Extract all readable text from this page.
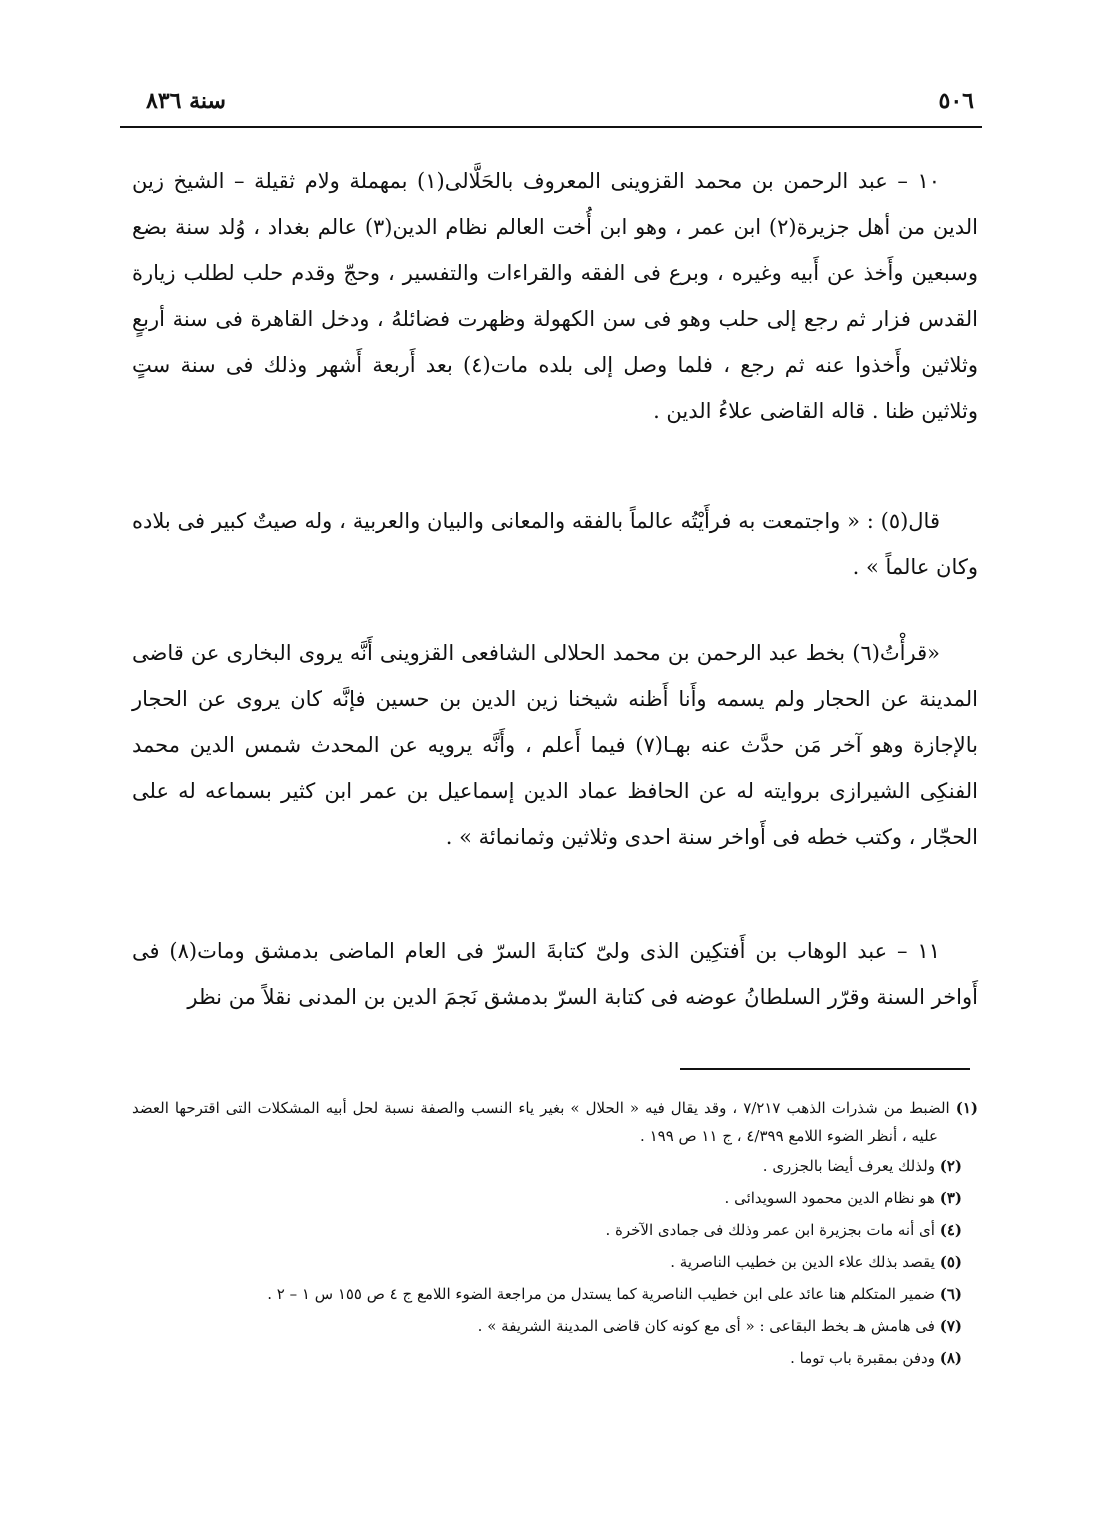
سنة ٨٣٦	٥٠٦

١٠ – عبد الرحمن بن محمد القزوينى المعروف بالحَلَّالى(١) بمهملة ولام ثقيلة – الشيخ زين الدين من أهل جزيرة(٢) ابن عمر ، وهو ابن أُخت العالم نظام الدين(٣) عالم بغداد ، وُلد سنة بضع وسبعين وأَخذ عن أَبيه وغيره ، وبرع فى الفقه والقراءات والتفسير ، وحجّ وقدم حلب لطلب زيارة القدس فزار ثم رجع إلى حلب وهو فى سن الكهولة وظهرت فضائلهُ ، ودخل القاهرة فى سنة أربعٍ وثلاثين وأَخذوا عنه ثم رجع ، فلما وصل إلى بلده مات(٤) بعد أَربعة أَشهر وذلك فى سنة ستٍ وثلاثين ظنا . قاله القاضى علاءُ الدين .

قال(٥) : « واجتمعت به فرأَيْتُه عالماً بالفقه والمعانى والبيان والعربية ، وله صيتٌ كبير فى بلاده وكان عالماً » .

«قرأْتُ(٦) بخط عبد الرحمن بن محمد الحلالى الشافعى القزوينى أَنَّه يروى البخارى عن قاضى المدينة عن الحجار ولم يسمه وأَنا أَظنه شيخنا زين الدين بن حسين فإنَّه كان يروى عن الحجار بالإجازة وهو آخر مَن حدَّث عنه بهـا(٧) فيما أَعلم ، وأَنَّه يرويه عن المحدث شمس الدين محمد الفنكِى الشيرازى بروايته له عن الحافظ عماد الدين إسماعيل بن عمر ابن كثير بسماعه له على الحجّار ، وكتب خطه فى أَواخر سنة احدى وثلاثين وثمانمائة » .

١١ – عبد الوهاب بن أَفتكِين الذى ولىّ كتابةَ السرّ فى العام الماضى بدمشق ومات(٨) فى أَواخر السنة وقرّر السلطانُ عوضه فى كتابة السرّ بدمشق نَجمَ الدين بن المدنى نقلاً من نظر

(١) الضبط من شذرات الذهب ٧/٢١٧ ، وقد يقال فيه « الحلال » بغير ياء النسب والصفة نسبة لحل أبيه المشكلات التى اقترحها العضد عليه ، أنظر الضوء اللامع ٤/٣٩٩ ، ج ١١ ص ١٩٩ .

(٢) ولذلك يعرف أيضا بالجزرى .

(٣) هو نظام الدين محمود السويدائى .

(٤) أى أنه مات بجزيرة ابن عمر وذلك فى جمادى الآخرة .

(٥) يقصد بذلك علاء الدين بن خطيب الناصرية .

(٦) ضمير المتكلم هنا عائد على ابن خطيب الناصرية كما يستدل من مراجعة الضوء اللامع ج ٤ ص ١٥٥ س ١ – ٢ .

(٧) فى هامش هـ بخط البقاعى : « أى مع كونه كان قاضى المدينة الشريفة » .

(٨) ودفن بمقبرة باب توما .
